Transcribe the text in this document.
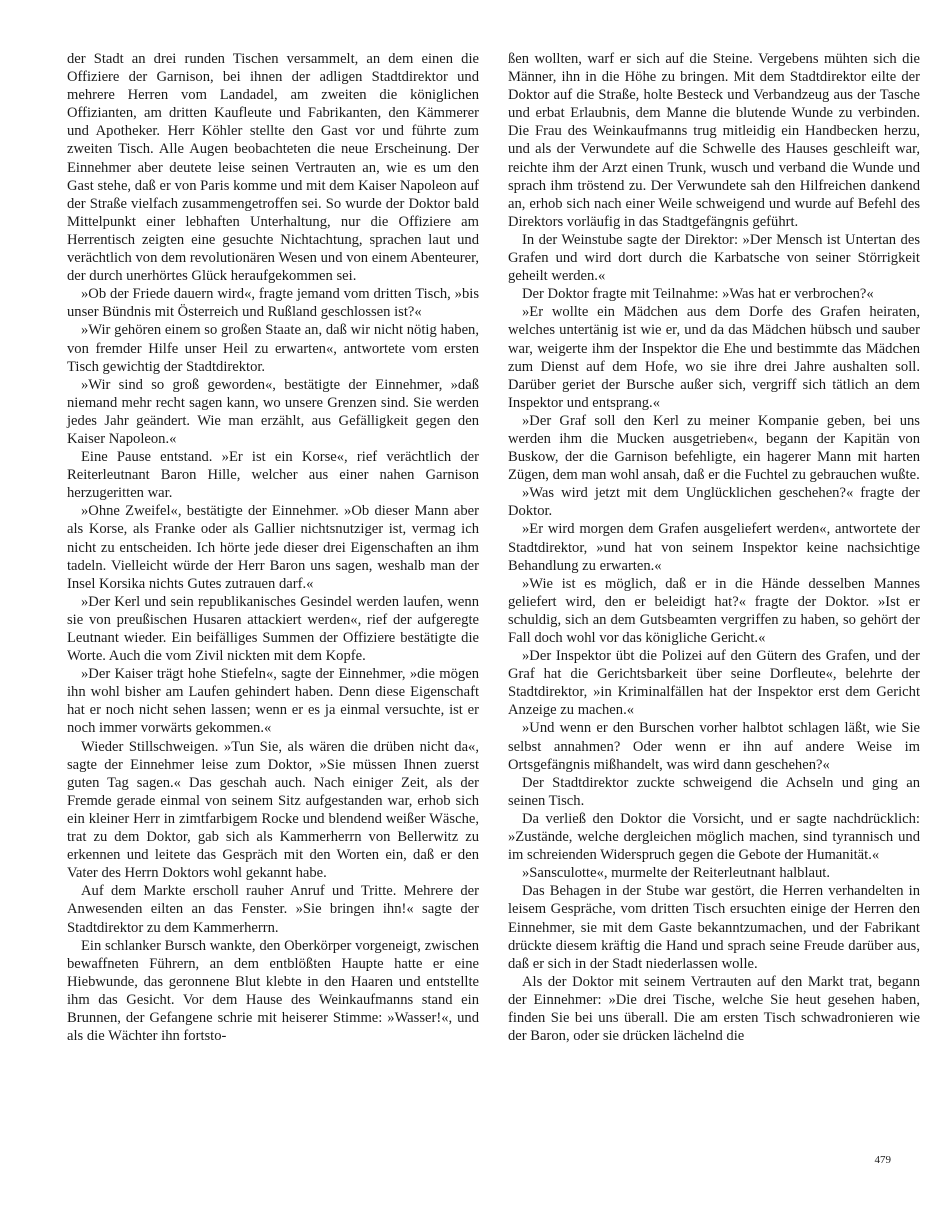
der Stadt an drei runden Tischen versammelt, an dem einen die Offiziere der Garnison, bei ihnen der adligen Stadtdirektor und mehrere Herren vom Landadel, am zweiten die königlichen Offizianten, am dritten Kaufleute und Fabrikanten, den Kämmerer und Apotheker. Herr Köhler stellte den Gast vor und führte zum zweiten Tisch. Alle Augen beobachteten die neue Erscheinung. Der Einnehmer aber deutete leise seinen Vertrauten an, wie es um den Gast stehe, daß er von Paris komme und mit dem Kaiser Napoleon auf der Straße vielfach zusammengetroffen sei. So wurde der Doktor bald Mittelpunkt einer lebhaften Unterhaltung, nur die Offiziere am Herrentisch zeigten eine gesuchte Nichtachtung, sprachen laut und verächtlich von dem revolutionären Wesen und von einem Abenteurer, der durch unerhörtes Glück heraufgekommen sei.

»Ob der Friede dauern wird«, fragte jemand vom dritten Tisch, »bis unser Bündnis mit Österreich und Rußland geschlossen ist?«

»Wir gehören einem so großen Staate an, daß wir nicht nötig haben, von fremder Hilfe unser Heil zu erwarten«, antwortete vom ersten Tisch gewichtig der Stadtdirektor.

»Wir sind so groß geworden«, bestätigte der Einnehmer, »daß niemand mehr recht sagen kann, wo unsere Grenzen sind. Sie werden jedes Jahr geändert. Wie man erzählt, aus Gefälligkeit gegen den Kaiser Napoleon.«

Eine Pause entstand. »Er ist ein Korse«, rief verächtlich der Reiterleutnant Baron Hille, welcher aus einer nahen Garnison herzugeritten war.

»Ohne Zweifel«, bestätigte der Einnehmer. »Ob dieser Mann aber als Korse, als Franke oder als Gallier nichtsnutziger ist, vermag ich nicht zu entscheiden. Ich hörte jede dieser drei Eigenschaften an ihm tadeln. Vielleicht würde der Herr Baron uns sagen, weshalb man der Insel Korsika nichts Gutes zutrauen darf.«

»Der Kerl und sein republikanisches Gesindel werden laufen, wenn sie von preußischen Husaren attackiert werden«, rief der aufgeregte Leutnant wieder. Ein beifälliges Summen der Offiziere bestätigte die Worte. Auch die vom Zivil nickten mit dem Kopfe.

»Der Kaiser trägt hohe Stiefeln«, sagte der Einnehmer, »die mögen ihn wohl bisher am Laufen gehindert haben. Denn diese Eigenschaft hat er noch nicht sehen lassen; wenn er es ja einmal versuchte, ist er noch immer vorwärts gekommen.«

Wieder Stillschweigen. »Tun Sie, als wären die drüben nicht da«, sagte der Einnehmer leise zum Doktor, »Sie müssen Ihnen zuerst guten Tag sagen.« Das geschah auch. Nach einiger Zeit, als der Fremde gerade einmal von seinem Sitz aufgestanden war, erhob sich ein kleiner Herr in zimtfarbigem Rocke und blendend weißer Wäsche, trat zu dem Doktor, gab sich als Kammerherrn von Bellerwitz zu erkennen und leitete das Gespräch mit den Worten ein, daß er den Vater des Herrn Doktors wohl gekannt habe.

Auf dem Markte erscholl rauher Anruf und Tritte. Mehrere der Anwesenden eilten an das Fenster. »Sie bringen ihn!« sagte der Stadtdirektor zu dem Kammerherrn.

Ein schlanker Bursch wankte, den Oberkörper vorgeneigt, zwischen bewaffneten Führern, an dem entblößten Haupte hatte er eine Hiebwunde, das geronnene Blut klebte in den Haaren und entstellte ihm das Gesicht. Vor dem Hause des Weinkaufmanns stand ein Brunnen, der Gefangene schrie mit heiserer Stimme: »Wasser!«, und als die Wächter ihn fortsto-

ßen wollten, warf er sich auf die Steine. Vergebens mühten sich die Männer, ihn in die Höhe zu bringen. Mit dem Stadtdirektor eilte der Doktor auf die Straße, holte Besteck und Verbandzeug aus der Tasche und erbat Erlaubnis, dem Manne die blutende Wunde zu verbinden. Die Frau des Weinkaufmanns trug mitleidig ein Handbecken herzu, und als der Verwundete auf die Schwelle des Hauses geschleift war, reichte ihm der Arzt einen Trunk, wusch und verband die Wunde und sprach ihm tröstend zu. Der Verwundete sah den Hilfreichen dankend an, erhob sich nach einer Weile schweigend und wurde auf Befehl des Direktors vorläufig in das Stadtgefängnis geführt.

In der Weinstube sagte der Direktor: »Der Mensch ist Untertan des Grafen und wird dort durch die Karbatsche von seiner Störrigkeit geheilt werden.«

Der Doktor fragte mit Teilnahme: »Was hat er verbrochen?«

»Er wollte ein Mädchen aus dem Dorfe des Grafen heiraten, welches untertänig ist wie er, und da das Mädchen hübsch und sauber war, weigerte ihm der Inspektor die Ehe und bestimmte das Mädchen zum Dienst auf dem Hofe, wo sie ihre drei Jahre aushalten soll. Darüber geriet der Bursche außer sich, vergriff sich tätlich an dem Inspektor und entsprang.«

»Der Graf soll den Kerl zu meiner Kompanie geben, bei uns werden ihm die Mucken ausgetrieben«, begann der Kapitän von Buskow, der die Garnison befehligte, ein hagerer Mann mit harten Zügen, dem man wohl ansah, daß er die Fuchtel zu gebrauchen wußte.

»Was wird jetzt mit dem Unglücklichen geschehen?« fragte der Doktor.

»Er wird morgen dem Grafen ausgeliefert werden«, antwortete der Stadtdirektor, »und hat von seinem Inspektor keine nachsichtige Behandlung zu erwarten.«

»Wie ist es möglich, daß er in die Hände desselben Mannes geliefert wird, den er beleidigt hat?« fragte der Doktor. »Ist er schuldig, sich an dem Gutsbeamten vergriffen zu haben, so gehört der Fall doch wohl vor das königliche Gericht.«

»Der Inspektor übt die Polizei auf den Gütern des Grafen, und der Graf hat die Gerichtsbarkeit über seine Dorfleute«, belehrte der Stadtdirektor, »in Kriminalfällen hat der Inspektor erst dem Gericht Anzeige zu machen.«

»Und wenn er den Burschen vorher halbtot schlagen läßt, wie Sie selbst annahmen? Oder wenn er ihn auf andere Weise im Ortsgefängnis mißhandelt, was wird dann geschehen?«

Der Stadtdirektor zuckte schweigend die Achseln und ging an seinen Tisch.

Da verließ den Doktor die Vorsicht, und er sagte nachdrücklich: »Zustände, welche dergleichen möglich machen, sind tyrannisch und im schreienden Widerspruch gegen die Gebote der Humanität.«

»Sansculotte«, murmelte der Reiterleutnant halblaut.

Das Behagen in der Stube war gestört, die Herren verhandelten in leisem Gespräche, vom dritten Tisch ersuchten einige der Herren den Einnehmer, sie mit dem Gaste bekanntzumachen, und der Fabrikant drückte diesem kräftig die Hand und sprach seine Freude darüber aus, daß er sich in der Stadt niederlassen wolle.

Als der Doktor mit seinem Vertrauten auf den Markt trat, begann der Einnehmer: »Die drei Tische, welche Sie heut gesehen haben, finden Sie bei uns überall. Die am ersten Tisch schwadronieren wie der Baron, oder sie drücken lächelnd die

479
